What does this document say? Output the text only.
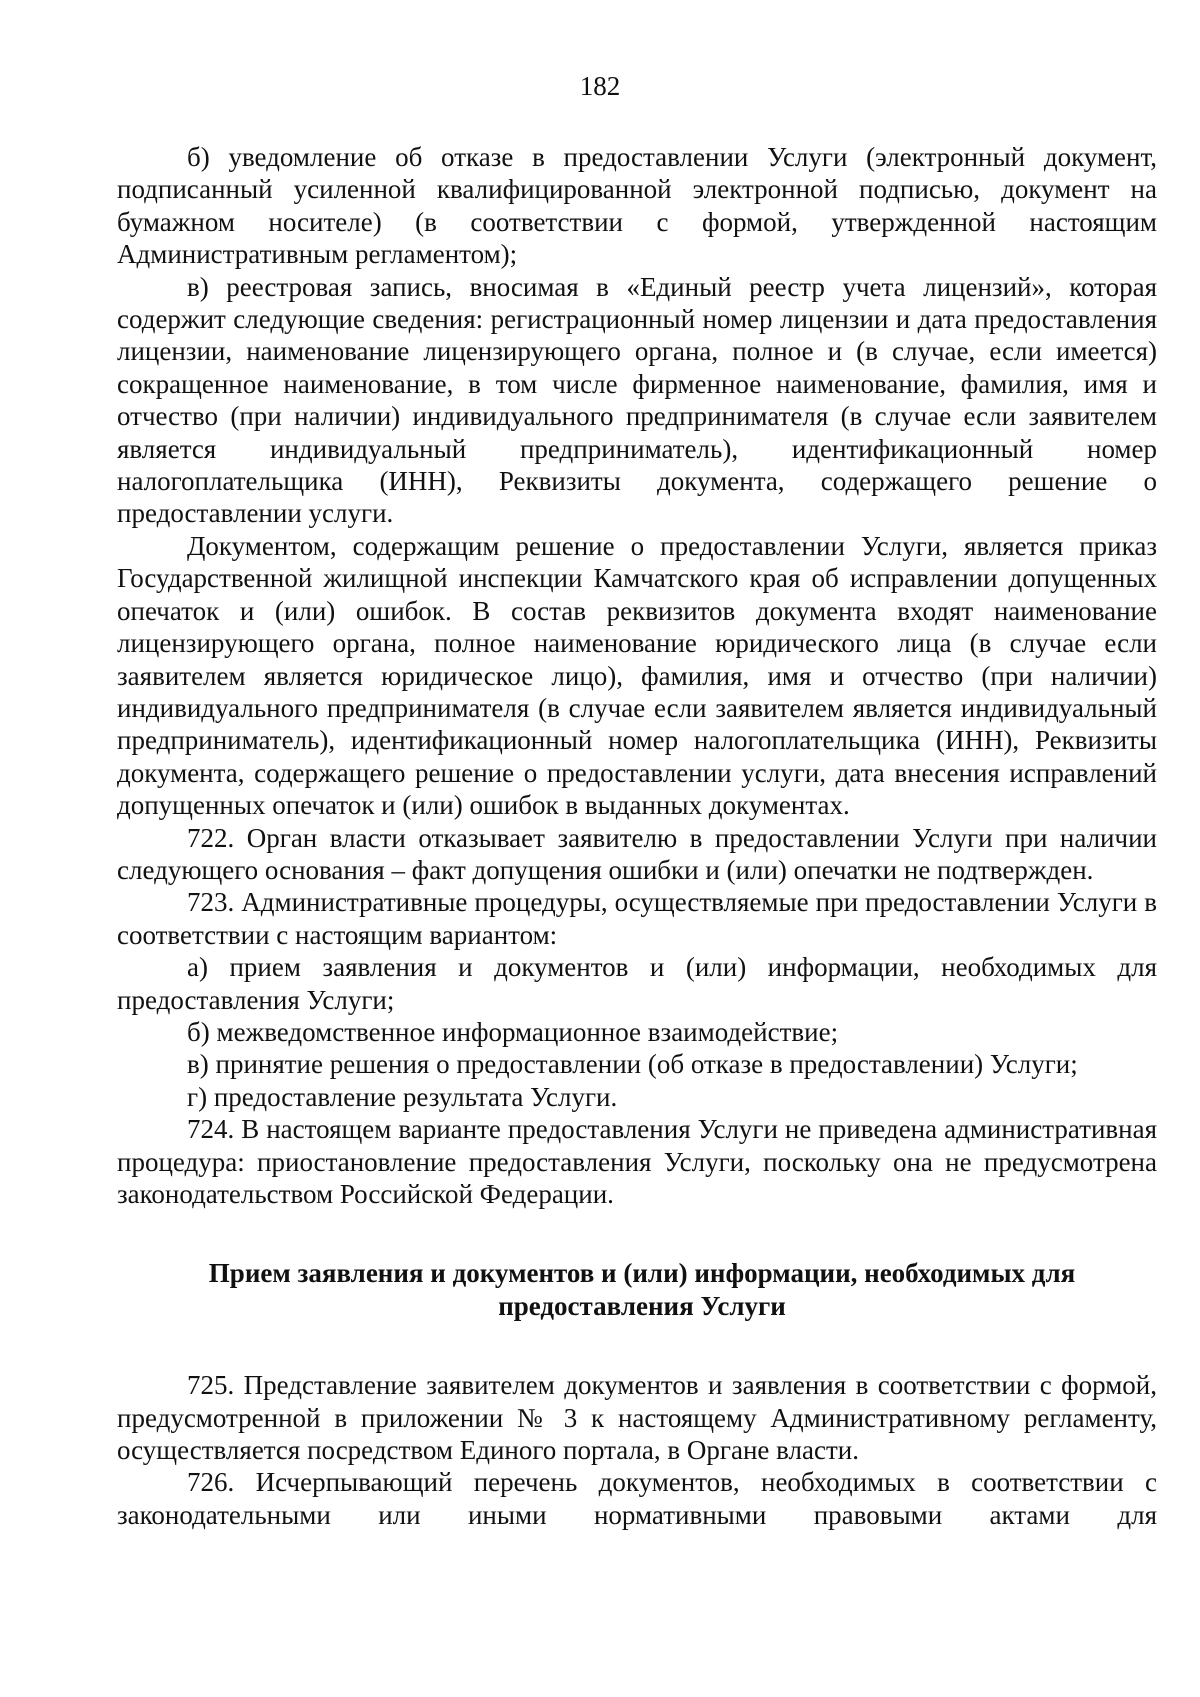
182

б) уведомление об отказе в предоставлении Услуги (электронный документ, подписанный усиленной квалифицированной электронной подписью, документ на бумажном носителе) (в соответствии с формой, утвержденной настоящим Административным регламентом);

в) реестровая запись, вносимая в «Единый реестр учета лицензий», которая содержит следующие сведения: регистрационный номер лицензии и дата предоставления лицензии, наименование лицензирующего органа, полное и (в случае, если имеется) сокращенное наименование, в том числе фирменное наименование, фамилия, имя и отчество (при наличии) индивидуального предпринимателя (в случае если заявителем является индивидуальный предприниматель), идентификационный номер налогоплательщика (ИНН), Реквизиты документа, содержащего решение о предоставлении услуги.

Документом, содержащим решение о предоставлении Услуги, является приказ Государственной жилищной инспекции Камчатского края об исправлении допущенных опечаток и (или) ошибок. В состав реквизитов документа входят наименование лицензирующего органа, полное наименование юридического лица (в случае если заявителем является юридическое лицо), фамилия, имя и отчество (при наличии) индивидуального предпринимателя (в случае если заявителем является индивидуальный предприниматель), идентификационный номер налогоплательщика (ИНН), Реквизиты документа, содержащего решение о предоставлении услуги, дата внесения исправлений допущенных опечаток и (или) ошибок в выданных документах.

722. Орган власти отказывает заявителю в предоставлении Услуги при наличии следующего основания – факт допущения ошибки и (или) опечатки не подтвержден.

723. Административные процедуры, осуществляемые при предоставлении Услуги в соответствии с настоящим вариантом:

а) прием заявления и документов и (или) информации, необходимых для предоставления Услуги;

б) межведомственное информационное взаимодействие;

в) принятие решения о предоставлении (об отказе в предоставлении) Услуги;

г) предоставление результата Услуги.

724. В настоящем варианте предоставления Услуги не приведена административная процедура: приостановление предоставления Услуги, поскольку она не предусмотрена законодательством Российской Федерации.

Прием заявления и документов и (или) информации, необходимых для
предоставления Услуги

725. Представление заявителем документов и заявления в соответствии с формой, предусмотренной в приложении № 3 к настоящему Административному регламенту, осуществляется посредством Единого портала, в Органе власти.

726. Исчерпывающий перечень документов, необходимых в соответствии с законодательными или иными нормативными правовыми актами для
